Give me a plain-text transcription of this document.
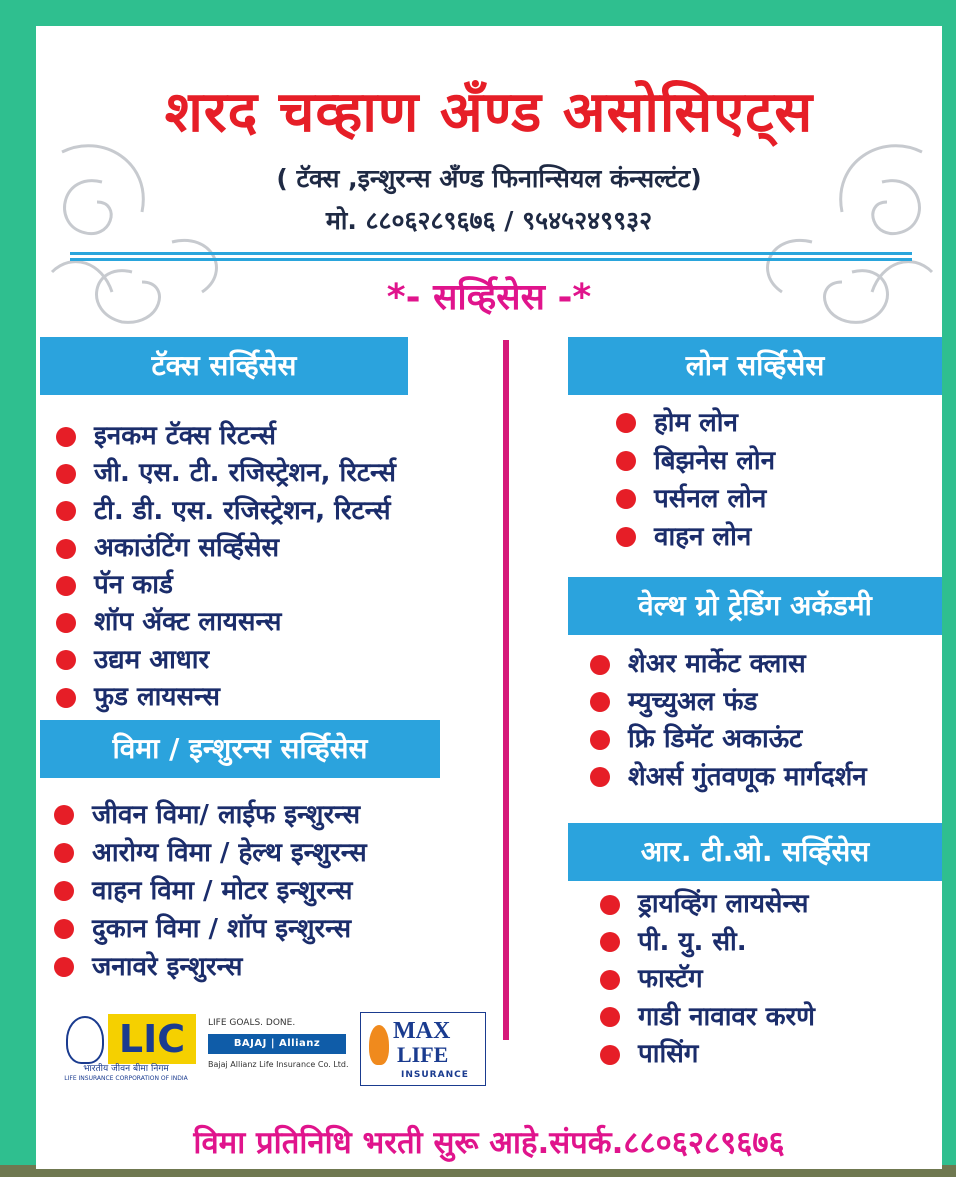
शरद चव्हाण अँण्ड असोसिएट्स
( टॅक्स ,इन्शुरन्स अँण्ड फिनान्सियल कंन्सल्टंट)
मो. ८८०६२८९६७६ / ९५४५२४९९३२
*- सर्व्हिसेस -*
टॅक्स सर्व्हिसेस
इनकम टॅक्स रिटर्न्स
जी. एस. टी. रजिस्ट्रेशन, रिटर्न्स
टी. डी. एस. रजिस्ट्रेशन, रिटर्न्स
अकाउंटिंग सर्व्हिसेस
पॅन कार्ड
शॉप ॲक्ट लायसन्स
उद्यम आधार
फुड लायसन्स
विमा / इन्शुरन्स सर्व्हिसेस
जीवन विमा/ लाईफ इन्शुरन्स
आरोग्य विमा / हेल्थ इन्शुरन्स
वाहन विमा / मोटर इन्शुरन्स
दुकान विमा / शॉप इन्शुरन्स
जनावरे इन्शुरन्स
लोन सर्व्हिसेस
होम लोन
बिझनेस लोन
पर्सनल लोन
वाहन लोन
वेल्थ ग्रो ट्रेडिंग अकॅडमी
शेअर मार्केट क्लास
म्युच्युअल फंड
फ्रि डिमॅट अकाऊंट
शेअर्स गुंतवणूक मार्गदर्शन
आर. टी.ओ. सर्व्हिसेस
ड्रायव्हिंग लायसेन्स
पी. यु. सी.
फास्टॅग
गाडी नावावर करणे
पासिंग
LIC
भारतीय जीवन बीमा निगम
LIFE INSURANCE CORPORATION OF INDIA
LIFE GOALS. DONE.
BAJAJ | Allianz
Bajaj Allianz Life Insurance Co. Ltd.
MAX
LIFE
INSURANCE
विमा प्रतिनिधि भरती सुरू आहे.संपर्क.८८०६२८९६७६
